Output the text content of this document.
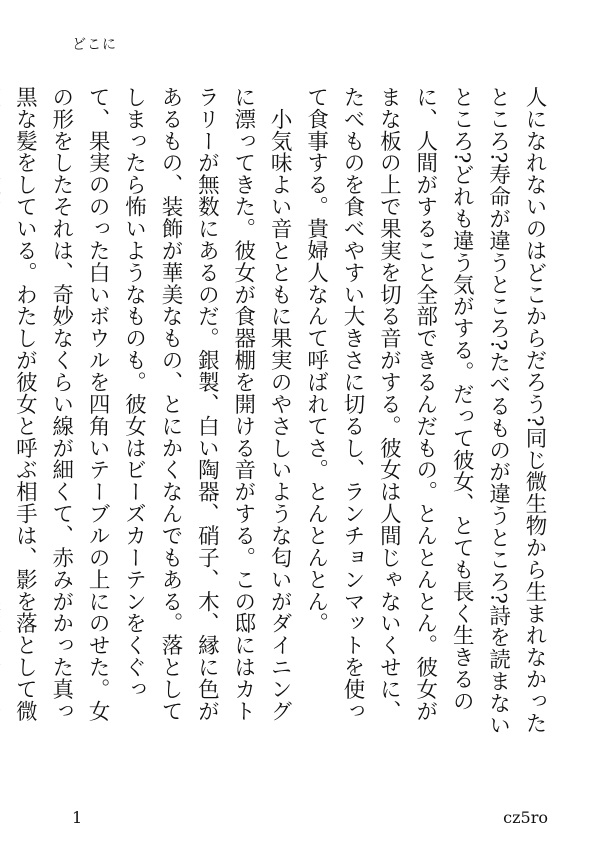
どこに

人になれないのはどこからだろう?同じ微生物から生まれなかったところ?寿命が違うところ?たべるものが違うところ?詩を読まないところ?どれも違う気がする。だって彼女、とても長く生きるのに、人間がすること全部できるんだもの。とんとんとん。彼女がまな板の上で果実を切る音がする。彼女は人間じゃないくせに、たべものを食べやすい大きさに切るし、ランチョンマットを使って食事する。貴婦人なんて呼ばれてさ。とんとんとん。

　小気味よい音とともに果実のやさしいような匂いがダイニングに漂ってきた。彼女が食器棚を開ける音がする。この邸にはカトラリーが無数にあるのだ。銀製、白い陶器、硝子、木、縁に色があるもの、装飾が華美なもの、とにかくなんでもある。落としてしまったら怖いようなものも。彼女はビーズカーテンをくぐって、果実ののった白いボウルを四角いテーブルの上にのせた。女の形をしたそれは、奇妙なくらい線が細くて、赤みがかった真っ黒な髪をしている。わたしが彼女と呼ぶ相手は、影を落として微

1	cz5ro
